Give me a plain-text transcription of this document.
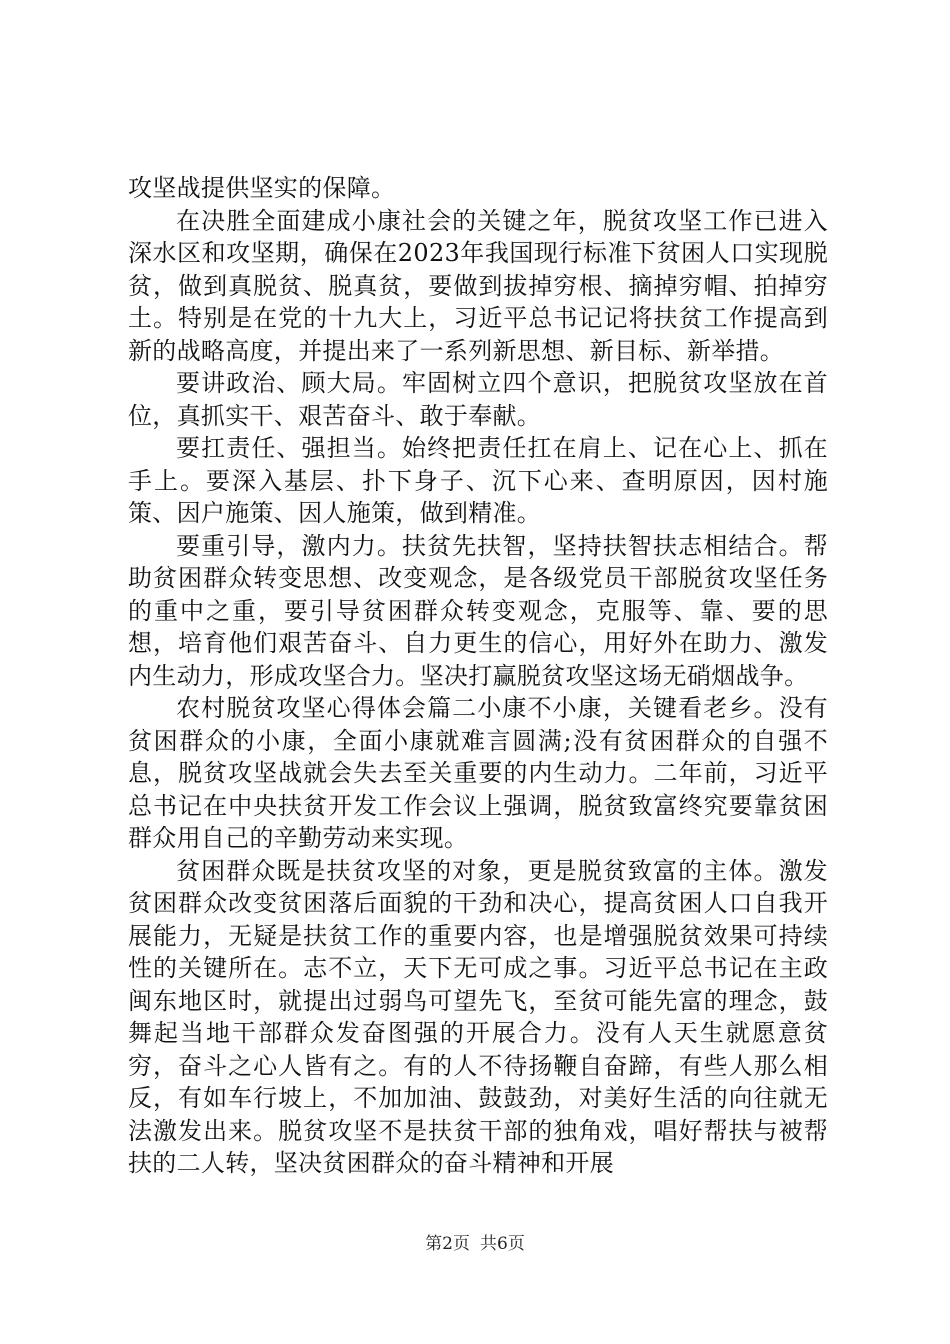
攻坚战提供坚实的保障。

在决胜全面建成小康社会的关键之年，脱贫攻坚工作已进入深水区和攻坚期，确保在2023年我国现行标准下贫困人口实现脱贫，做到真脱贫、脱真贫，要做到拔掉穷根、摘掉穷帽、拍掉穷土。特别是在党的十九大上，习近平总书记记将扶贫工作提高到新的战略高度，并提出来了一系列新思想、新目标、新举措。

要讲政治、顾大局。牢固树立四个意识，把脱贫攻坚放在首位，真抓实干、艰苦奋斗、敢于奉献。

要扛责任、强担当。始终把责任扛在肩上、记在心上、抓在手上。要深入基层、扑下身子、沉下心来、查明原因，因村施策、因户施策、因人施策，做到精准。

要重引导，激内力。扶贫先扶智，坚持扶智扶志相结合。帮助贫困群众转变思想、改变观念，是各级党员干部脱贫攻坚任务的重中之重，要引导贫困群众转变观念，克服等、靠、要的思想，培育他们艰苦奋斗、自力更生的信心，用好外在助力、激发内生动力，形成攻坚合力。坚决打赢脱贫攻坚这场无硝烟战争。

农村脱贫攻坚心得体会篇二小康不小康，关键看老乡。没有贫困群众的小康，全面小康就难言圆满;没有贫困群众的自强不息，脱贫攻坚战就会失去至关重要的内生动力。二年前，习近平总书记在中央扶贫开发工作会议上强调，脱贫致富终究要靠贫困群众用自己的辛勤劳动来实现。

贫困群众既是扶贫攻坚的对象，更是脱贫致富的主体。激发贫困群众改变贫困落后面貌的干劲和决心，提高贫困人口自我开展能力，无疑是扶贫工作的重要内容，也是增强脱贫效果可持续性的关键所在。志不立，天下无可成之事。习近平总书记在主政闽东地区时，就提出过弱鸟可望先飞，至贫可能先富的理念，鼓舞起当地干部群众发奋图强的开展合力。没有人天生就愿意贫穷，奋斗之心人皆有之。有的人不待扬鞭自奋蹄，有些人那么相反，有如车行坡上，不加加油、鼓鼓劲，对美好生活的向往就无法激发出来。脱贫攻坚不是扶贫干部的独角戏，唱好帮扶与被帮扶的二人转，坚决贫困群众的奋斗精神和开展

第2页 共6页
